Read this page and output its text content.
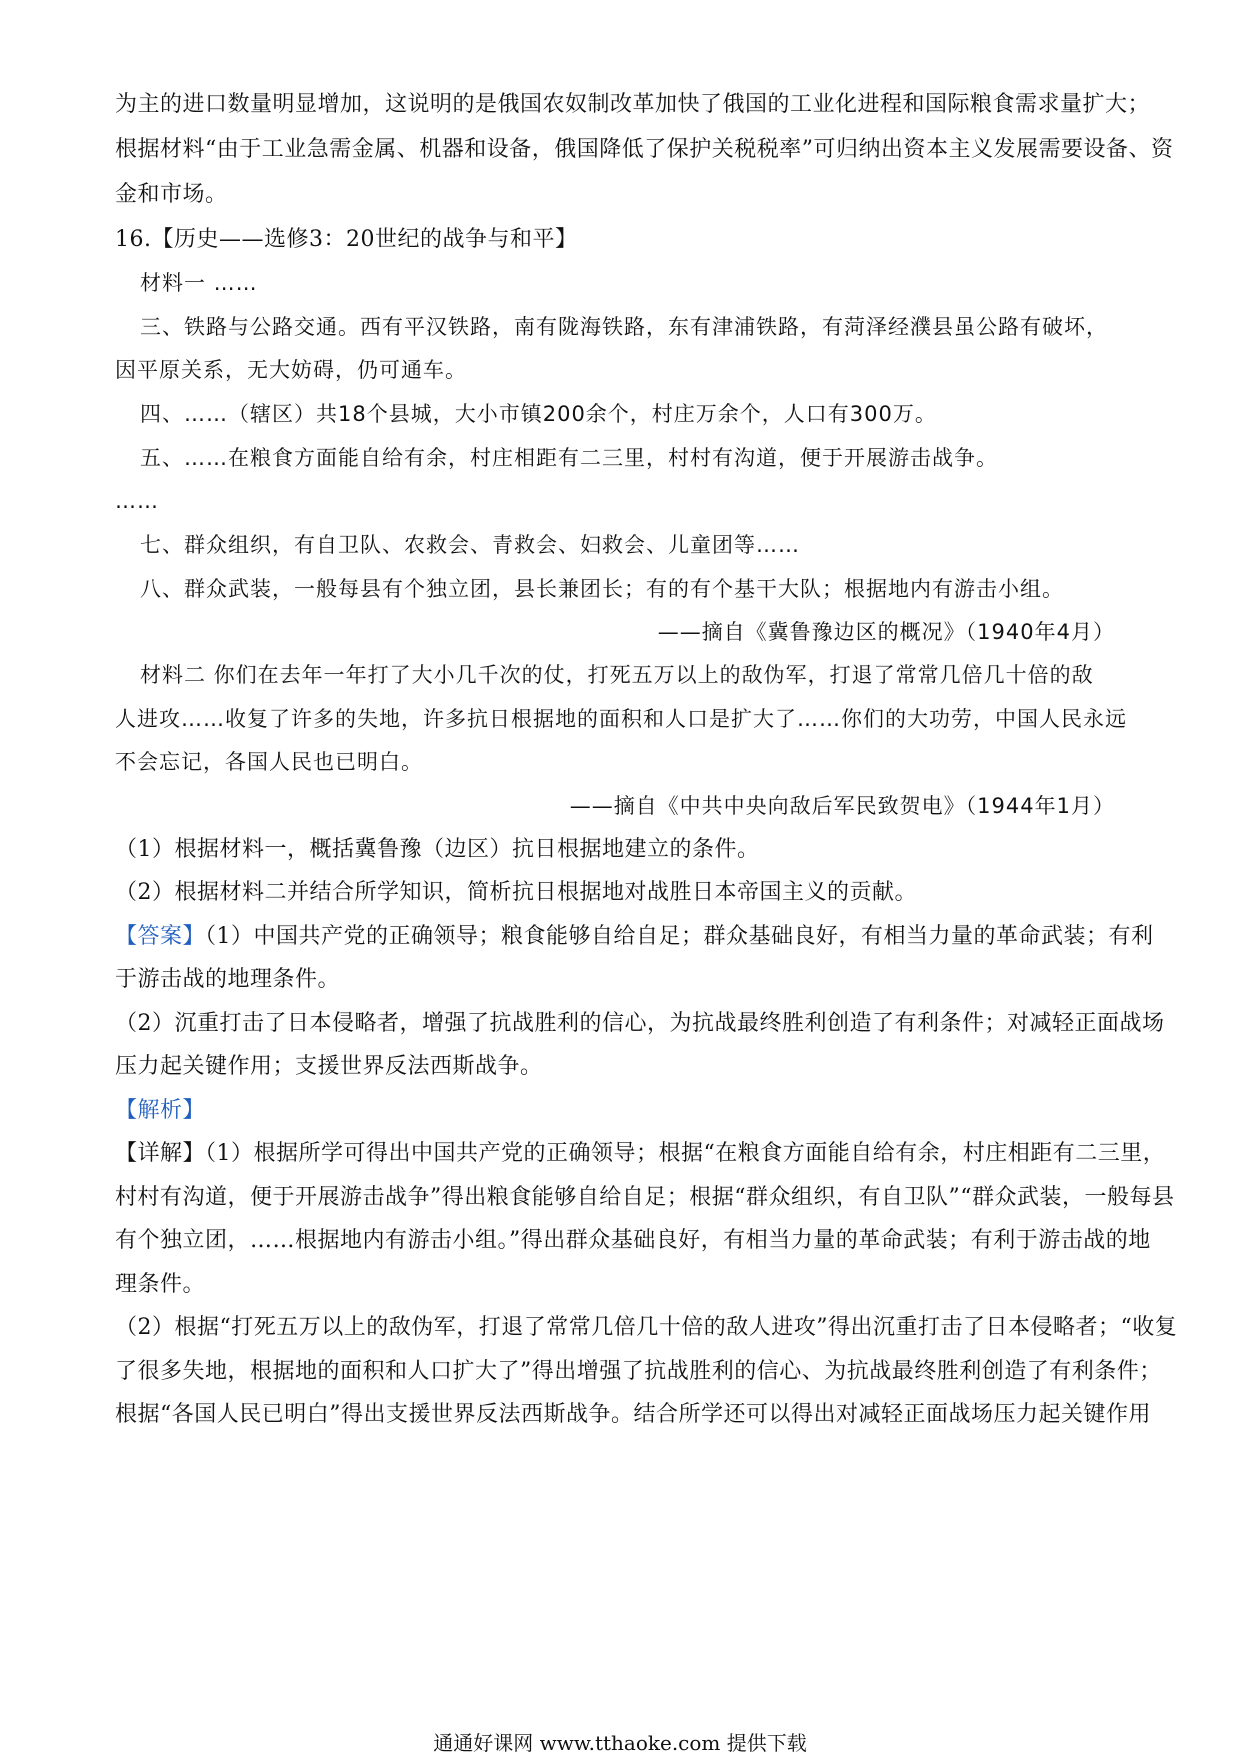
为主的进口数量明显增加，这说明的是俄国农奴制改革加快了俄国的工业化进程和国际粮食需求量扩大；
根据材料“由于工业急需金属、机器和设备，俄国降低了保护关税税率”可归纳出资本主义发展需要设备、资
金和市场。
16.【历史——选修3：20世纪的战争与和平】
材料一 ……
三、铁路与公路交通。西有平汉铁路，南有陇海铁路，东有津浦铁路，有菏泽经濮县虽公路有破坏，
因平原关系，无大妨碍，仍可通车。
四、……（辖区）共18个县城，大小市镇200余个，村庄万余个，人口有300万。
五、……在粮食方面能自给有余，村庄相距有二三里，村村有沟道，便于开展游击战争。
……
七、群众组织，有自卫队、农救会、青救会、妇救会、儿童团等……
八、群众武装，一般每县有个独立团，县长兼团长；有的有个基干大队；根据地内有游击小组。
——摘自《冀鲁豫边区的概况》（1940年4月）
材料二 你们在去年一年打了大小几千次的仗，打死五万以上的敌伪军，打退了常常几倍几十倍的敌
人进攻……收复了许多的失地，许多抗日根据地的面积和人口是扩大了……你们的大功劳，中国人民永远
不会忘记，各国人民也已明白。
——摘自《中共中央向敌后军民致贺电》（1944年1月）
（1）根据材料一，概括冀鲁豫（边区）抗日根据地建立的条件。
（2）根据材料二并结合所学知识，简析抗日根据地对战胜日本帝国主义的贡献。
【答案】（1）中国共产党的正确领导；粮食能够自给自足；群众基础良好，有相当力量的革命武装；有利
于游击战的地理条件。
（2）沉重打击了日本侵略者，增强了抗战胜利的信心，为抗战最终胜利创造了有利条件；对减轻正面战场
压力起关键作用；支援世界反法西斯战争。
【解析】
【详解】（1）根据所学可得出中国共产党的正确领导；根据“在粮食方面能自给有余，村庄相距有二三里，
村村有沟道，便于开展游击战争”得出粮食能够自给自足；根据“群众组织，有自卫队”“群众武装，一般每县
有个独立团，……根据地内有游击小组。”得出群众基础良好，有相当力量的革命武装；有利于游击战的地
理条件。
（2）根据“打死五万以上的敌伪军，打退了常常几倍几十倍的敌人进攻”得出沉重打击了日本侵略者；“收复
了很多失地，根据地的面积和人口扩大了”得出增强了抗战胜利的信心、为抗战最终胜利创造了有利条件；
根据“各国人民已明白”得出支援世界反法西斯战争。结合所学还可以得出对减轻正面战场压力起关键作用
通通好课网 www.tthaoke.com 提供下载
